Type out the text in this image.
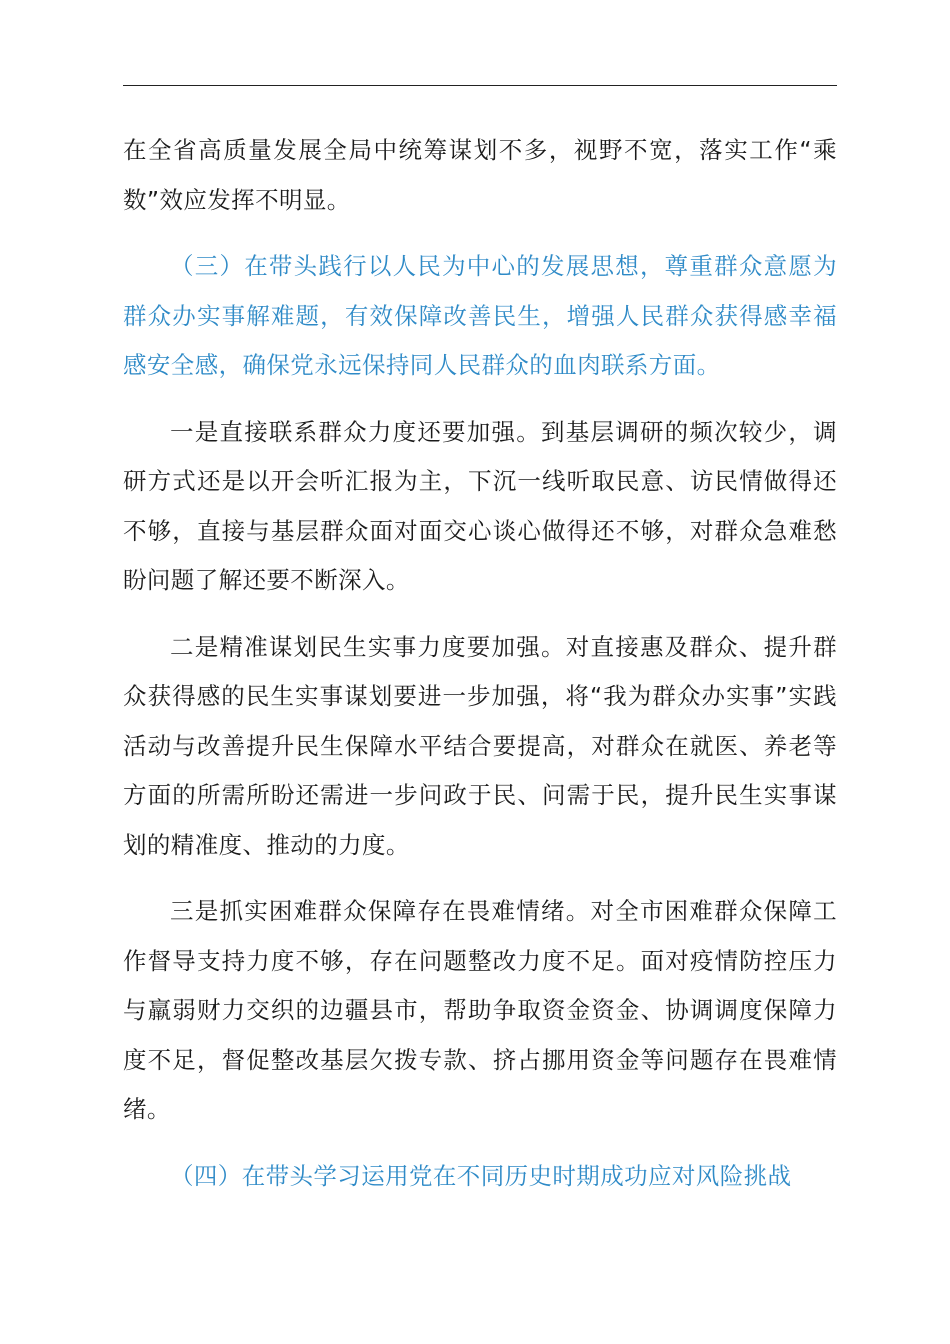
在全省高质量发展全局中统筹谋划不多，视野不宽，落实工作“乘数”效应发挥不明显。

（三）在带头践行以人民为中心的发展思想，尊重群众意愿为群众办实事解难题，有效保障改善民生，增强人民群众获得感幸福感安全感，确保党永远保持同人民群众的血肉联系方面。

一是直接联系群众力度还要加强。到基层调研的频次较少，调研方式还是以开会听汇报为主，下沉一线听取民意、访民情做得还不够，直接与基层群众面对面交心谈心做得还不够，对群众急难愁盼问题了解还要不断深入。

二是精准谋划民生实事力度要加强。对直接惠及群众、提升群众获得感的民生实事谋划要进一步加强，将“我为群众办实事”实践活动与改善提升民生保障水平结合要提高，对群众在就医、养老等方面的所需所盼还需进一步问政于民、问需于民，提升民生实事谋划的精准度、推动的力度。

三是抓实困难群众保障存在畏难情绪。对全市困难群众保障工作督导支持力度不够，存在问题整改力度不足。面对疫情防控压力与羸弱财力交织的边疆县市，帮助争取资金资金、协调调度保障力度不足，督促整改基层欠拨专款、挤占挪用资金等问题存在畏难情绪。

（四）在带头学习运用党在不同历史时期成功应对风险挑战
